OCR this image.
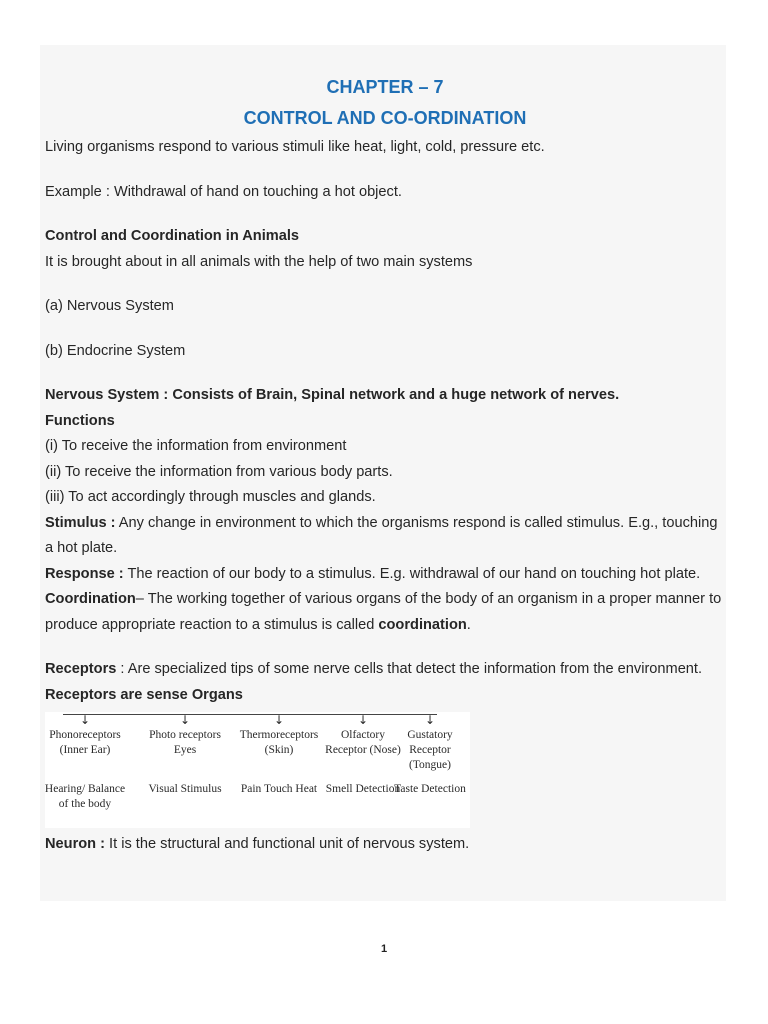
CHAPTER – 7
CONTROL AND CO-ORDINATION

Living organisms respond to various stimuli like heat, light, cold, pressure etc.

Example : Withdrawal of hand on touching a hot object.

Control and Coordination in Animals

It is brought about in all animals with the help of two main systems

(a) Nervous System

(b) Endocrine System

Nervous System : Consists of Brain, Spinal network and a huge network of nerves.

Functions

(i) To receive the information from environment

(ii) To receive the information from various body parts.

(iii) To act accordingly through muscles and glands.

Stimulus : Any change in environment to which the organisms respond is called stimulus. E.g., touching a hot plate.

Response : The reaction of our body to a stimulus. E.g. withdrawal of our hand on touching hot plate.

Coordination– The working together of various organs of the body of an organism in a proper manner to produce appropriate reaction to a stimulus is called coordination.

Receptors : Are specialized tips of some nerve cells that detect the information from the environment.

Receptors are sense Organs

↓
Phonoreceptors (Inner Ear)
Hearing/ Balance of the body
↓
Photo receptors Eyes
Visual Stimulus
↓
Thermoreceptors (Skin)
Pain Touch Heat
↓
Olfactory Receptor (Nose)
Smell Detection
↓
Gustatory Receptor (Tongue)
Taste Detection

Neuron : It is the structural and functional unit of nervous system.

1
